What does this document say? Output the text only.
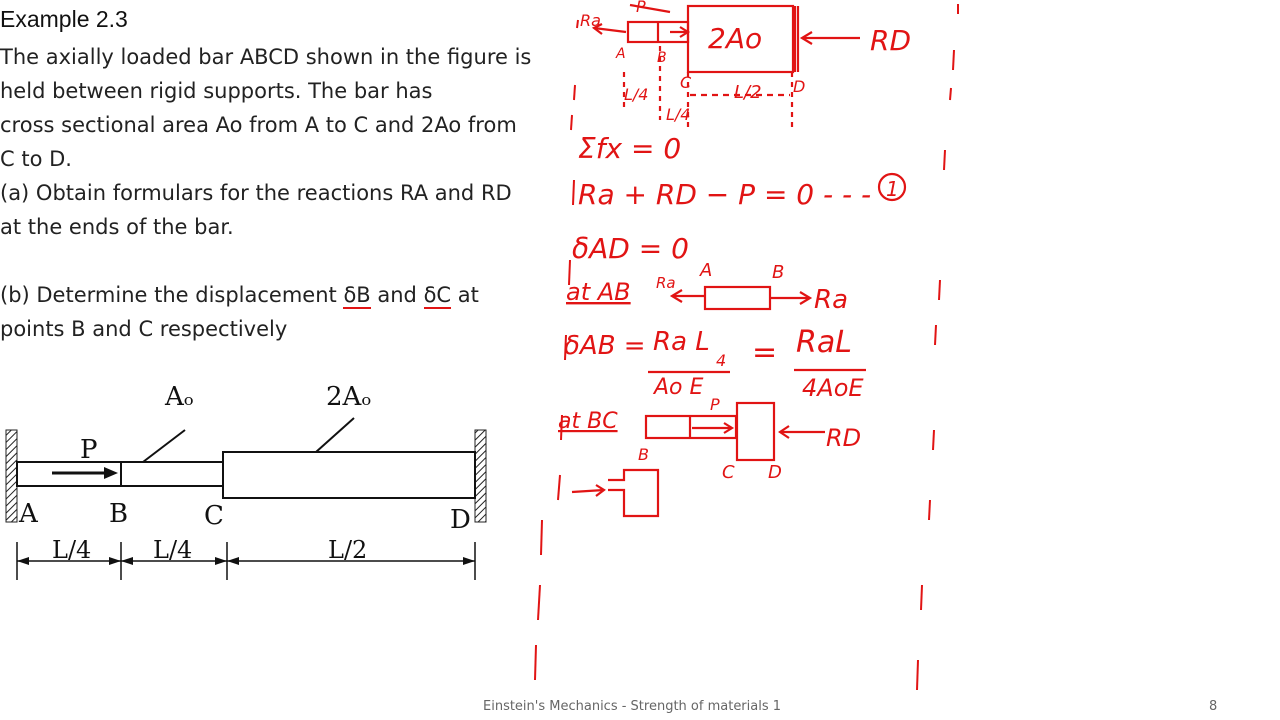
Example 2.3
The axially loaded bar ABCD shown in the figure is
held between rigid supports. The bar has
cross sectional area Ao from A to C and 2Ao from
C to D.
(a) Obtain formulars for the reactions RA and RD
at the ends of the bar.
(b) Determine the displacement δB and δC at
points B and C respectively
P
Aₒ	2Aₒ
A	B	C	D
L/4	L/4	L/2
Ra
P
A B
C	D
2Ao	RD
L/4
L/4
L/2
Σfx = 0
Ra + RD − P = 0 - - - 1
δAD = 0
at AB Ra
A	B
Ra
δAB = Ra L
4
Ao E
= RaL
4AoE
at BC
P
B
C D
RD
Einstein's Mechanics - Strength of materials 1	8
